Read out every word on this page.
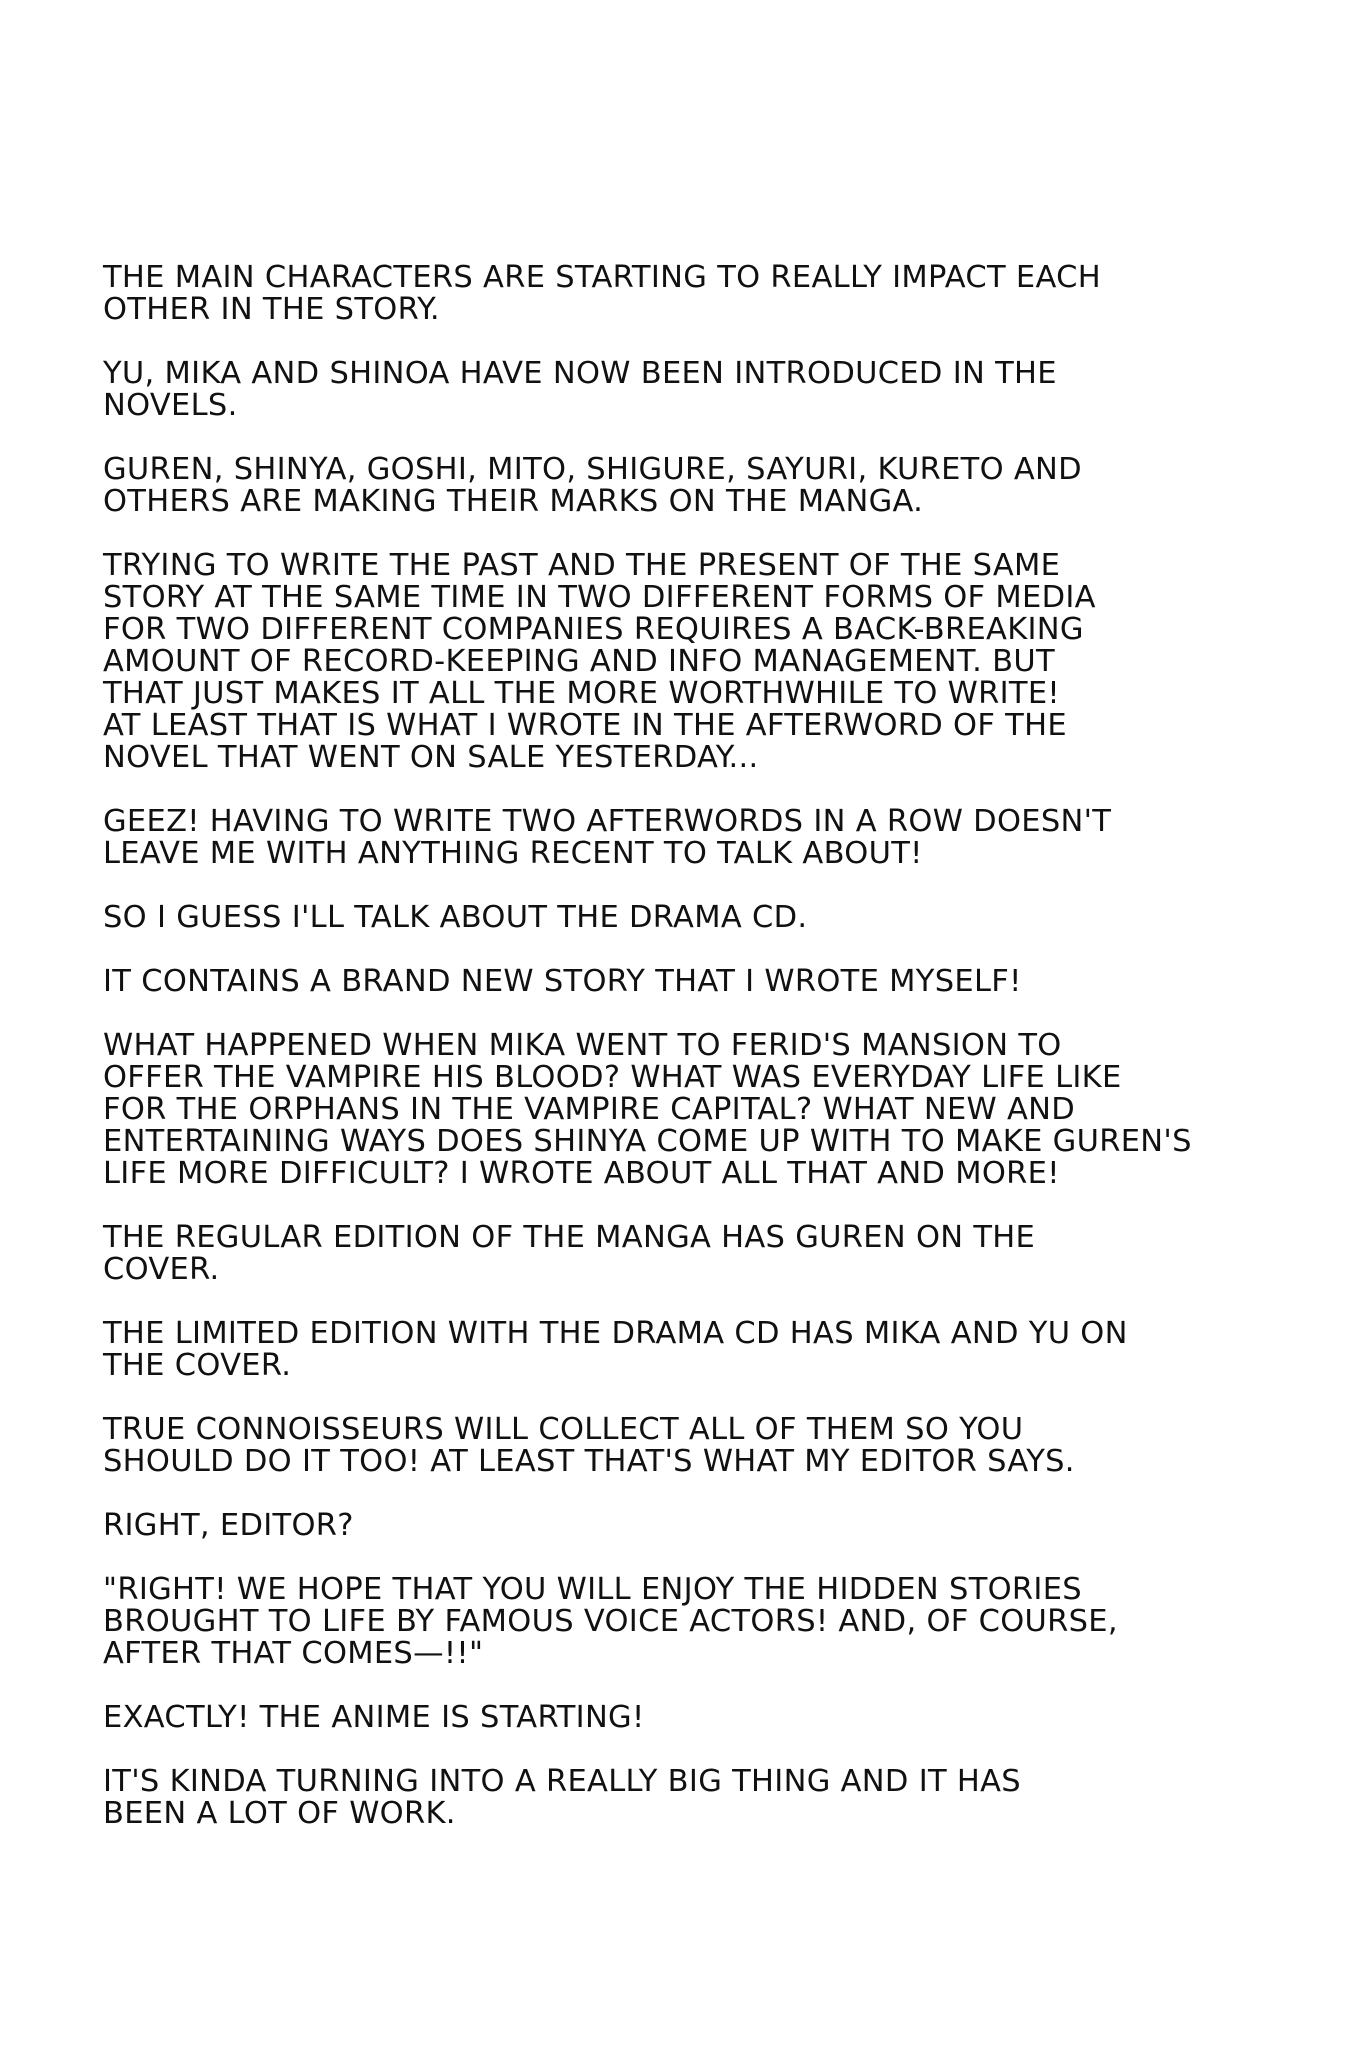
THE MAIN CHARACTERS ARE STARTING TO REALLY IMPACT EACH
OTHER IN THE STORY.

YU, MIKA AND SHINOA HAVE NOW BEEN INTRODUCED IN THE
NOVELS.

GUREN, SHINYA, GOSHI, MITO, SHIGURE, SAYURI, KURETO AND
OTHERS ARE MAKING THEIR MARKS ON THE MANGA.

TRYING TO WRITE THE PAST AND THE PRESENT OF THE SAME
STORY AT THE SAME TIME IN TWO DIFFERENT FORMS OF MEDIA
FOR TWO DIFFERENT COMPANIES REQUIRES A BACK-BREAKING
AMOUNT OF RECORD-KEEPING AND INFO MANAGEMENT. BUT
THAT JUST MAKES IT ALL THE MORE WORTHWHILE TO WRITE!
AT LEAST THAT IS WHAT I WROTE IN THE AFTERWORD OF THE
NOVEL THAT WENT ON SALE YESTERDAY...

GEEZ! HAVING TO WRITE TWO AFTERWORDS IN A ROW DOESN'T
LEAVE ME WITH ANYTHING RECENT TO TALK ABOUT!

SO I GUESS I'LL TALK ABOUT THE DRAMA CD.

IT CONTAINS A BRAND NEW STORY THAT I WROTE MYSELF!

WHAT HAPPENED WHEN MIKA WENT TO FERID'S MANSION TO
OFFER THE VAMPIRE HIS BLOOD? WHAT WAS EVERYDAY LIFE LIKE
FOR THE ORPHANS IN THE VAMPIRE CAPITAL? WHAT NEW AND
ENTERTAINING WAYS DOES SHINYA COME UP WITH TO MAKE GUREN'S
LIFE MORE DIFFICULT? I WROTE ABOUT ALL THAT AND MORE!

THE REGULAR EDITION OF THE MANGA HAS GUREN ON THE
COVER.

THE LIMITED EDITION WITH THE DRAMA CD HAS MIKA AND YU ON
THE COVER.

TRUE CONNOISSEURS WILL COLLECT ALL OF THEM SO YOU
SHOULD DO IT TOO! AT LEAST THAT'S WHAT MY EDITOR SAYS.

RIGHT, EDITOR?

"RIGHT! WE HOPE THAT YOU WILL ENJOY THE HIDDEN STORIES
BROUGHT TO LIFE BY FAMOUS VOICE ACTORS! AND, OF COURSE,
AFTER THAT COMES—!!"

EXACTLY! THE ANIME IS STARTING!

IT'S KINDA TURNING INTO A REALLY BIG THING AND IT HAS
BEEN A LOT OF WORK.
